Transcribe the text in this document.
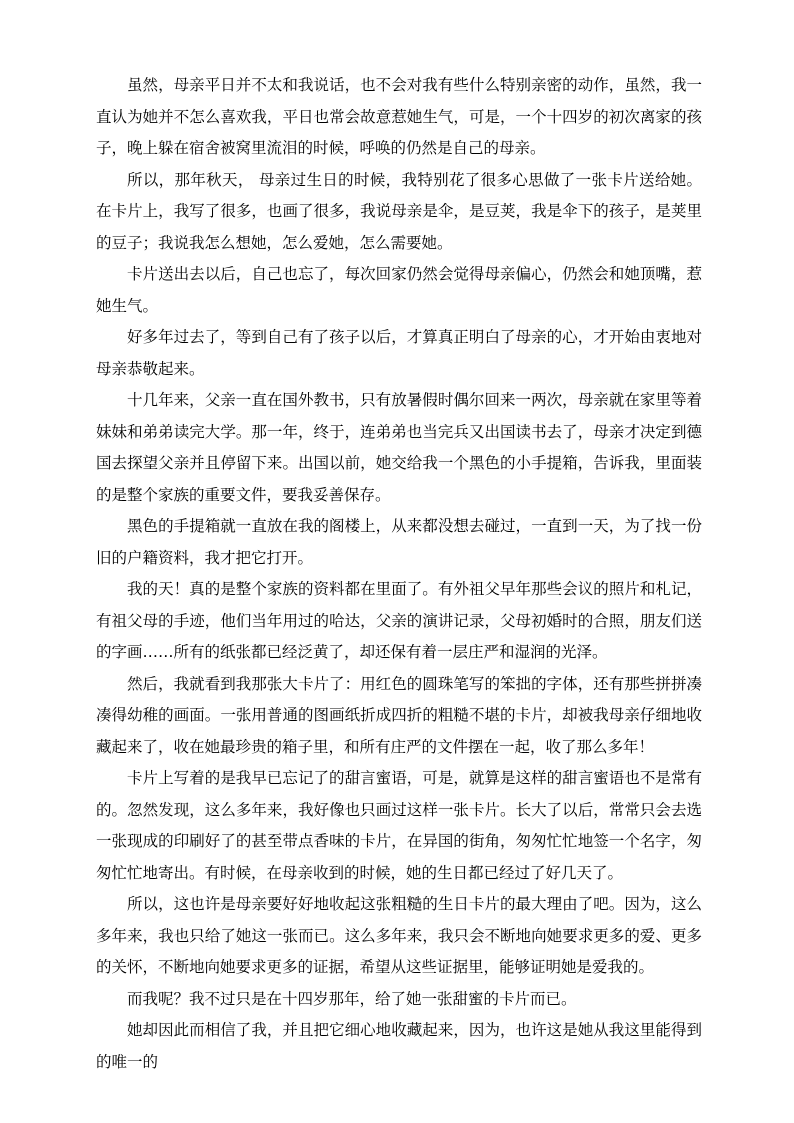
虽然，母亲平日并不太和我说话，也不会对我有些什么特别亲密的动作，虽然，我一直认为她并不怎么喜欢我，平日也常会故意惹她生气，可是，一个十四岁的初次离家的孩子，晚上躲在宿舍被窝里流泪的时候，呼唤的仍然是自己的母亲。

所以，那年秋天， 母亲过生日的时候，我特别花了很多心思做了一张卡片送给她。在卡片上，我写了很多，也画了很多，我说母亲是伞，是豆荚，我是伞下的孩子，是荚里的豆子；我说我怎么想她，怎么爱她，怎么需要她。

卡片送出去以后，自己也忘了，每次回家仍然会觉得母亲偏心，仍然会和她顶嘴，惹她生气。

好多年过去了，等到自己有了孩子以后，才算真正明白了母亲的心，才开始由衷地对母亲恭敬起来。

十几年来，父亲一直在国外教书，只有放暑假时偶尔回来一两次，母亲就在家里等着妹妹和弟弟读完大学。那一年，终于，连弟弟也当完兵又出国读书去了，母亲才决定到德国去探望父亲并且停留下来。出国以前，她交给我一个黑色的小手提箱，告诉我，里面装的是整个家族的重要文件，要我妥善保存。

黑色的手提箱就一直放在我的阁楼上，从来都没想去碰过，一直到一天，为了找一份旧的户籍资料，我才把它打开。

我的天！真的是整个家族的资料都在里面了。有外祖父早年那些会议的照片和札记，有祖父母的手迹，他们当年用过的哈达，父亲的演讲记录，父母初婚时的合照，朋友们送的字画……所有的纸张都已经泛黄了，却还保有着一层庄严和湿润的光泽。

然后，我就看到我那张大卡片了：用红色的圆珠笔写的笨拙的字体，还有那些拼拼凑凑得幼稚的画面。一张用普通的图画纸折成四折的粗糙不堪的卡片，却被我母亲仔细地收藏起来了，收在她最珍贵的箱子里，和所有庄严的文件摆在一起，收了那么多年！

卡片上写着的是我早已忘记了的甜言蜜语，可是，就算是这样的甜言蜜语也不是常有的。忽然发现，这么多年来，我好像也只画过这样一张卡片。长大了以后，常常只会去选一张现成的印刷好了的甚至带点香味的卡片，在异国的街角，匆匆忙忙地签一个名字，匆匆忙忙地寄出。有时候，在母亲收到的时候，她的生日都已经过了好几天了。

所以，这也许是母亲要好好地收起这张粗糙的生日卡片的最大理由了吧。因为，这么多年来，我也只给了她这一张而已。这么多年来，我只会不断地向她要求更多的爱、更多的关怀，不断地向她要求更多的证据，希望从这些证据里，能够证明她是爱我的。

而我呢？我不过只是在十四岁那年，给了她一张甜蜜的卡片而已。

她却因此而相信了我，并且把它细心地收藏起来，因为，也许这是她从我这里能得到的唯一的
